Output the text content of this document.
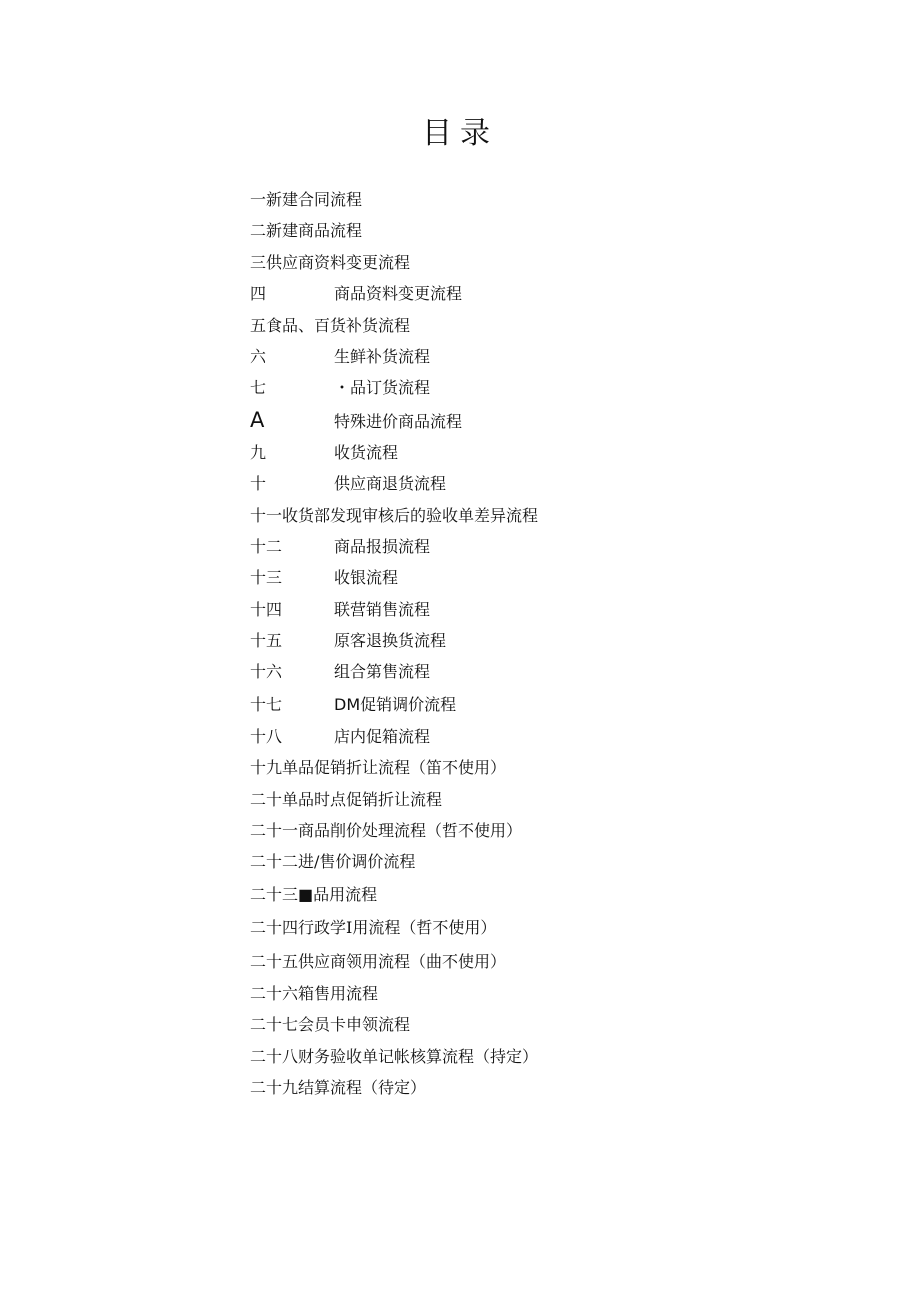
目录
一新建合同流程
二新建商品流程
三供应商资料变更流程
四	商品资料变更流程
五食品、百货补货流程
六	生鲜补货流程
七	・品订货流程
A	特殊进价商品流程
九	收货流程
十	供应商退货流程
十一收货部发现审核后的验收单差异流程
十二	商品报损流程
十三	收银流程
十四	联营销售流程
十五	原客退换货流程
十六	组合第售流程
十七	DM促销调价流程
十八	店内促箱流程
十九单品促销折让流程（笛不使用）
二十单品时点促销折让流程
二十一商品削价处理流程（哲不使用）
二十二进/售价调价流程
二十三■品用流程
二十四行政学I用流程（哲不使用）
二十五供应商领用流程（曲不使用）
二十六箱售用流程
二十七会员卡申领流程
二十八财务验收单记帐核算流程（持定）
二十九结算流程（待定）
